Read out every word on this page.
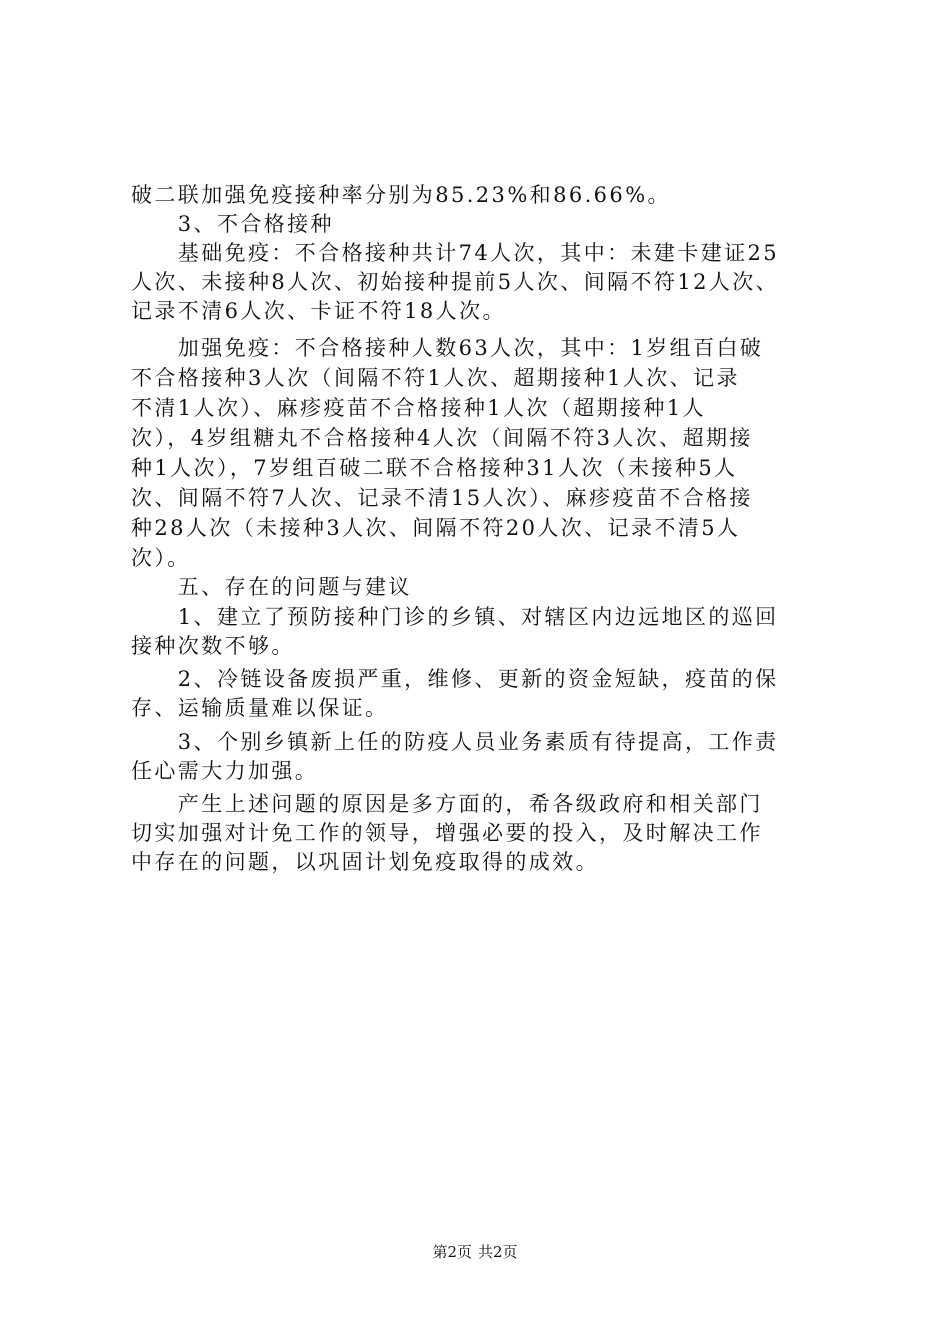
破二联加强免疫接种率分别为85.23%和86.66%。
　　3、不合格接种
　　基础免疫：不合格接种共计74人次，其中：未建卡建证25
人次、未接种8人次、初始接种提前5人次、间隔不符12人次、
记录不清6人次、卡证不符18人次。
　　加强免疫：不合格接种人数63人次，其中：1岁组百白破
不合格接种3人次（间隔不符1人次、超期接种1人次、记录
不清1人次）、麻疹疫苗不合格接种1人次（超期接种1人
次），4岁组糖丸不合格接种4人次（间隔不符3人次、超期接
种1人次），7岁组百破二联不合格接种31人次（未接种5人
次、间隔不符7人次、记录不清15人次）、麻疹疫苗不合格接
种28人次（未接种3人次、间隔不符20人次、记录不清5人
次）。
　　五、存在的问题与建议
　　1、建立了预防接种门诊的乡镇、对辖区内边远地区的巡回
接种次数不够。
　　2、冷链设备废损严重，维修、更新的资金短缺，疫苗的保
存、运输质量难以保证。
　　3、个别乡镇新上任的防疫人员业务素质有待提高，工作责
任心需大力加强。
　　产生上述问题的原因是多方面的，希各级政府和相关部门
切实加强对计免工作的领导，增强必要的投入，及时解决工作
中存在的问题，以巩固计划免疫取得的成效。
第2页 共2页
